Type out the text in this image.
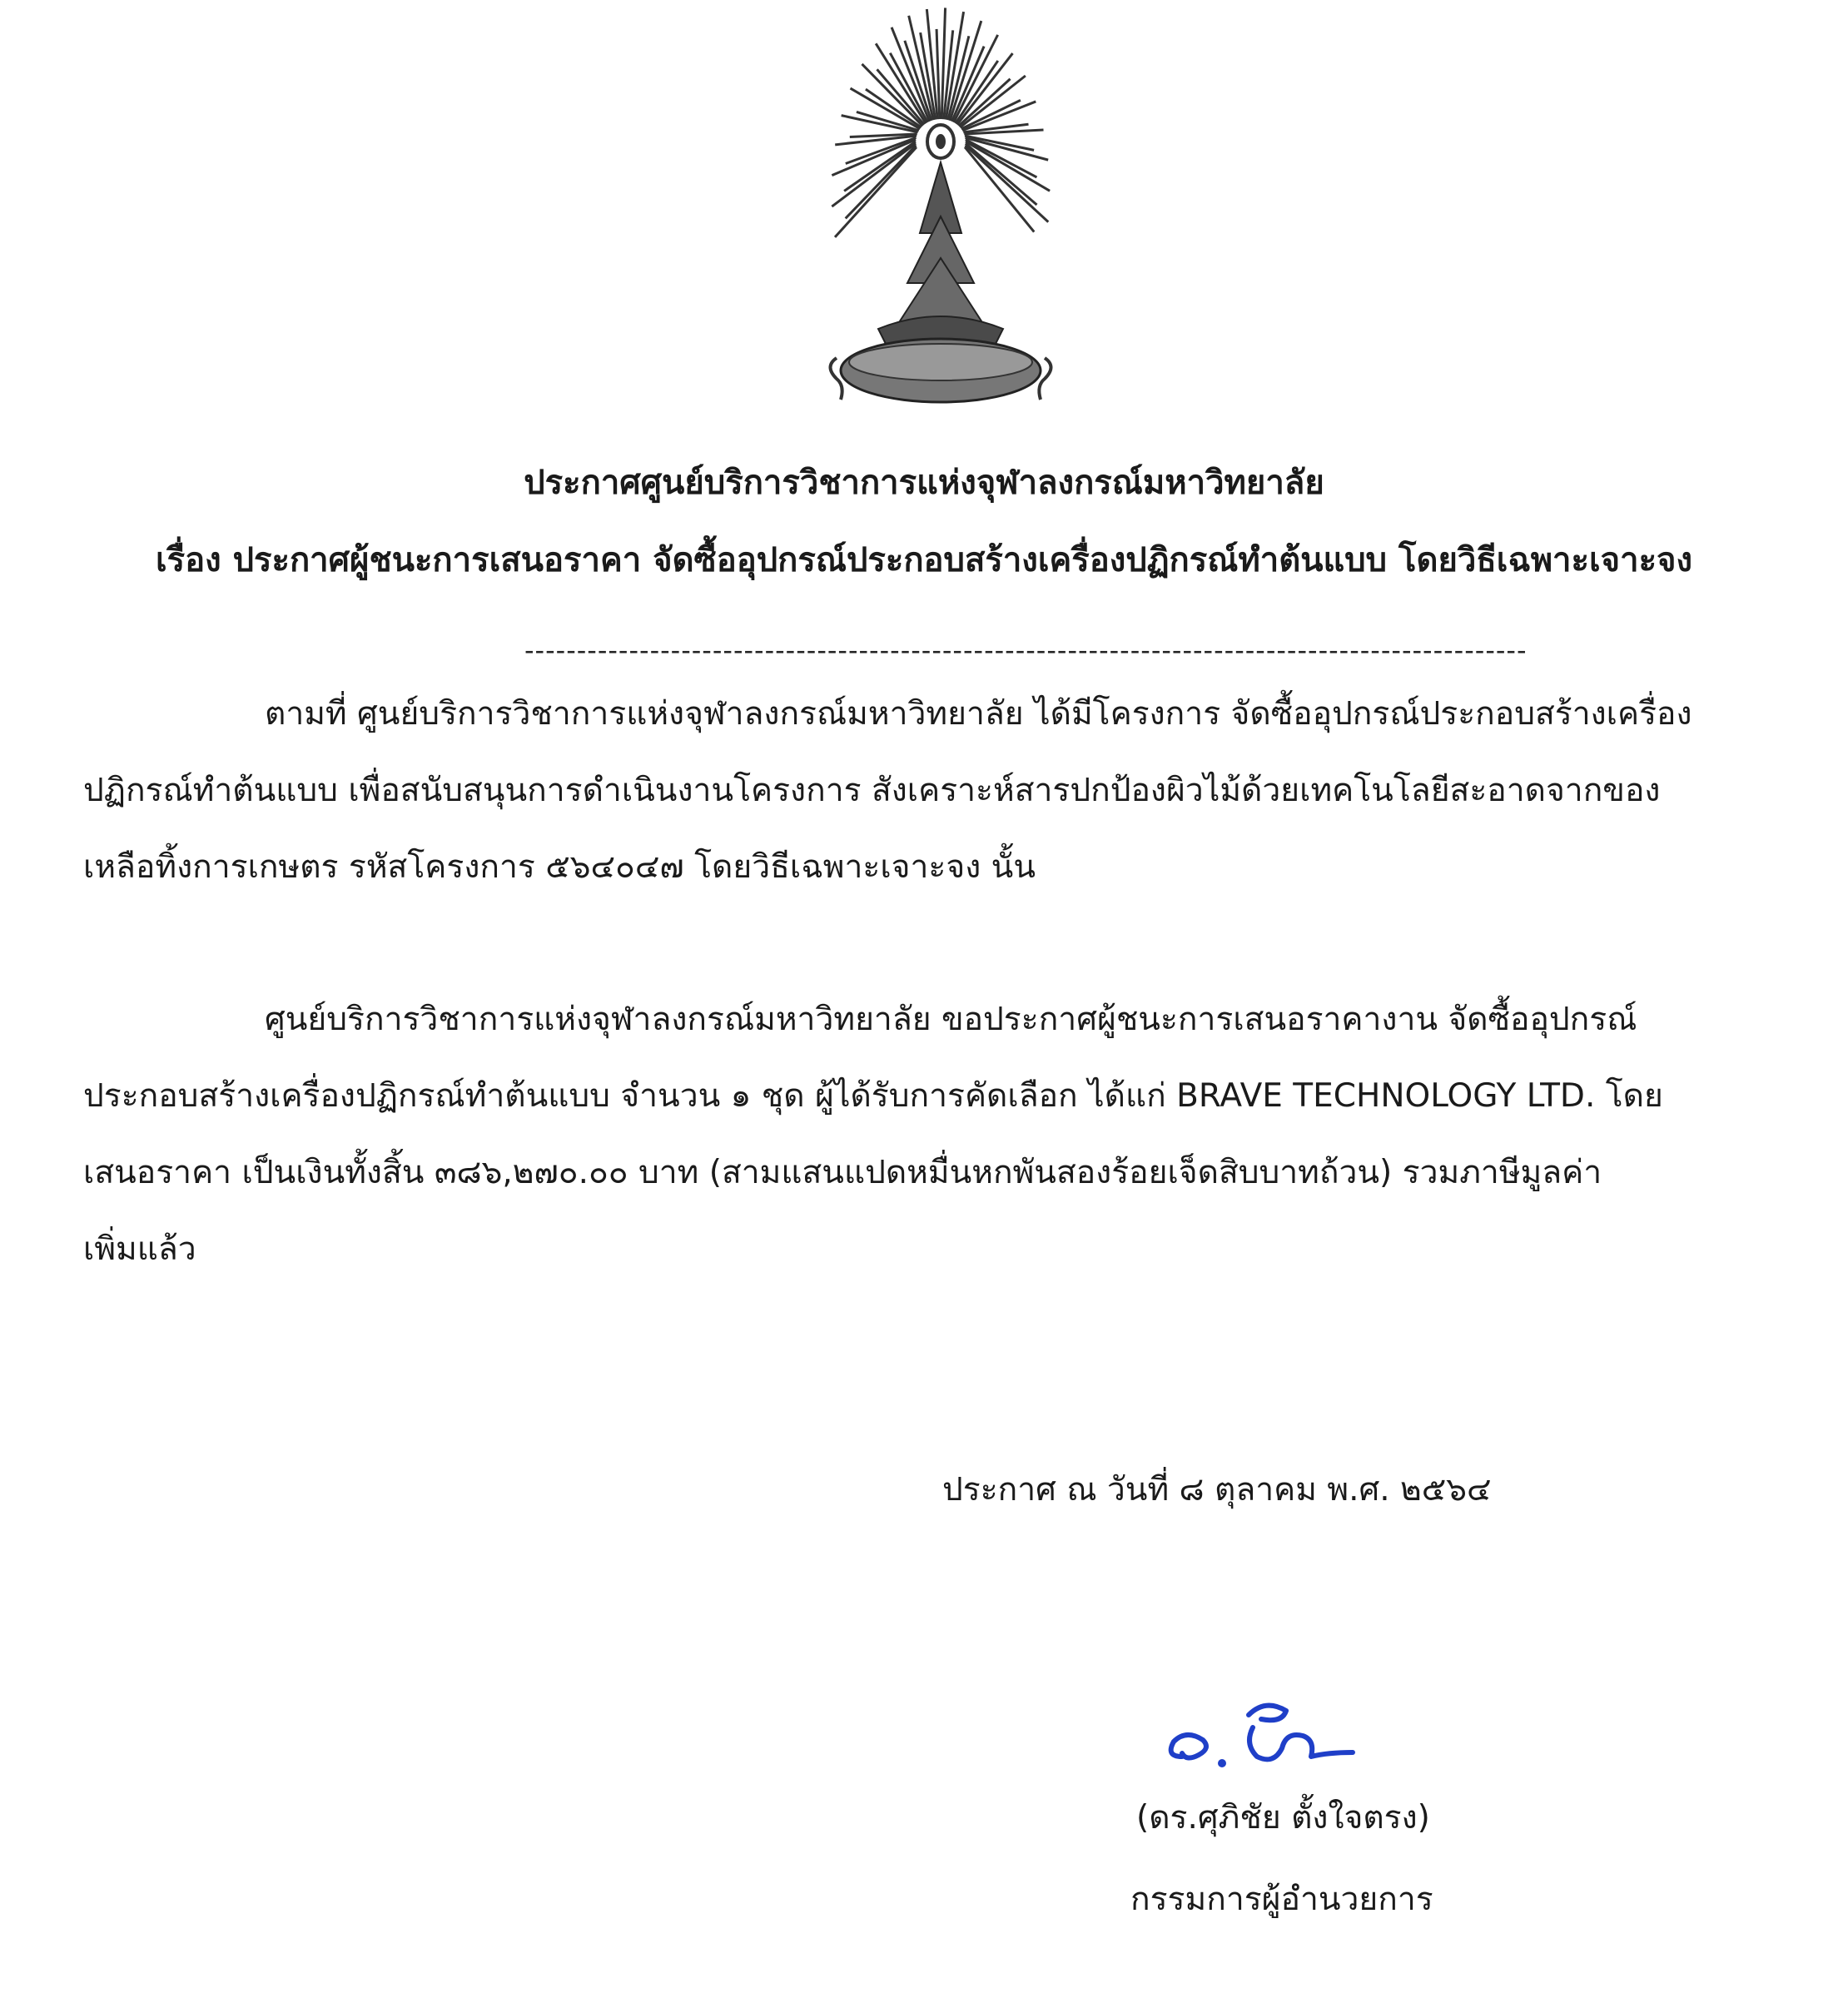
ประกาศศูนย์บริการวิชาการแห่งจุฬาลงกรณ์มหาวิทยาลัย
เรื่อง ประกาศผู้ชนะการเสนอราคา จัดซื้ออุปกรณ์ประกอบสร้างเครื่องปฏิกรณ์ทำต้นแบบ โดยวิธีเฉพาะเจาะจง
------------------------------------------------------------------------------------------------
ตามที่ ศูนย์บริการวิชาการแห่งจุฬาลงกรณ์มหาวิทยาลัย ได้มีโครงการ จัดซื้ออุปกรณ์ประกอบสร้างเครื่อง
ปฏิกรณ์ทำต้นแบบ เพื่อสนับสนุนการดำเนินงานโครงการ สังเคราะห์สารปกป้องผิวไม้ด้วยเทคโนโลยีสะอาดจากของ
เหลือทิ้งการเกษตร รหัสโครงการ ๕๖๔๐๔๗ โดยวิธีเฉพาะเจาะจง นั้น
ศูนย์บริการวิชาการแห่งจุฬาลงกรณ์มหาวิทยาลัย ขอประกาศผู้ชนะการเสนอราคางาน จัดซื้ออุปกรณ์
ประกอบสร้างเครื่องปฏิกรณ์ทำต้นแบบ จำนวน ๑ ชุด ผู้ได้รับการคัดเลือก ได้แก่ BRAVE TECHNOLOGY LTD. โดย
เสนอราคา เป็นเงินทั้งสิ้น ๓๘๖,๒๗๐.๐๐ บาท (สามแสนแปดหมื่นหกพันสองร้อยเจ็ดสิบบาทถ้วน) รวมภาษีมูลค่า
เพิ่มแล้ว
ประกาศ ณ วันที่ ๘ ตุลาคม พ.ศ. ๒๕๖๔
(ดร.ศุภิชัย ตั้งใจตรง)
กรรมการผู้อำนวยการ
